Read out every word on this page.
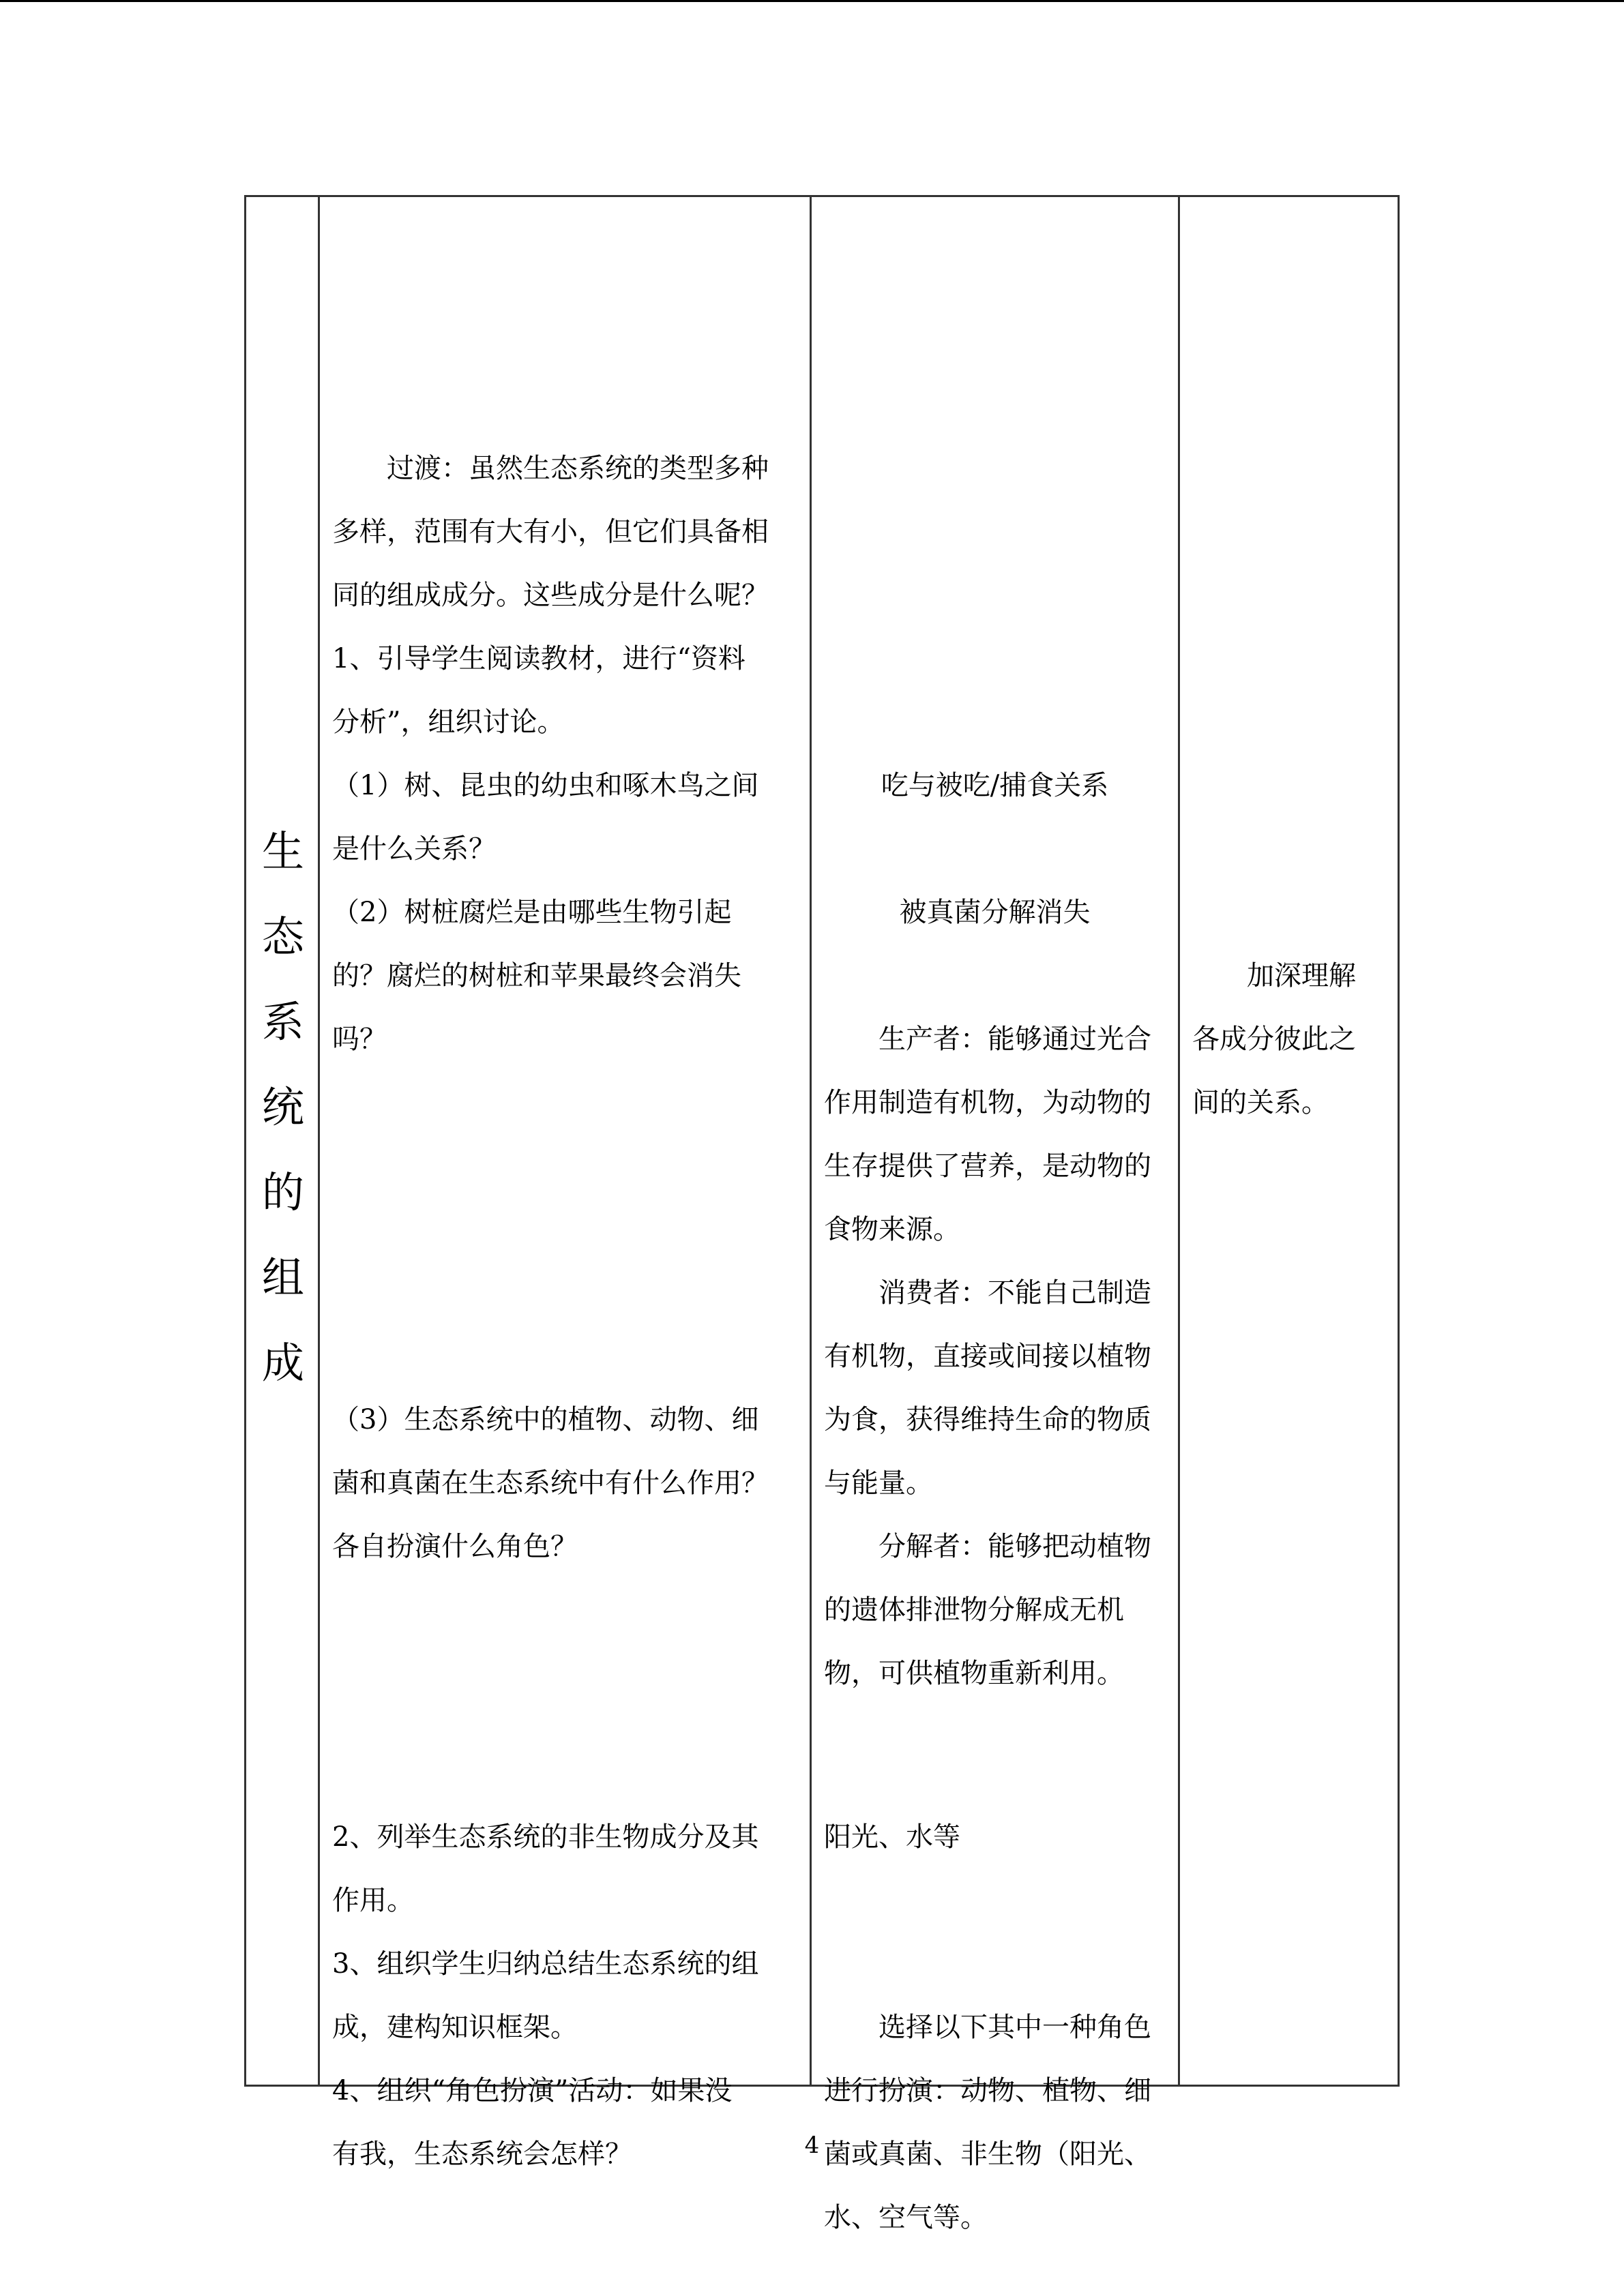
生
态
系
统
的
组
成
　　过渡：虽然生态系统的类型多种
多样，范围有大有小，但它们具备相
同的组成成分。这些成分是什么呢？
1、引导学生阅读教材，进行“资料
分析”，组织讨论。
（1）树、昆虫的幼虫和啄木鸟之间
是什么关系？
（2）树桩腐烂是由哪些生物引起
的？腐烂的树桩和苹果最终会消失
吗？
（3）生态系统中的植物、动物、细
菌和真菌在生态系统中有什么作用？
各自扮演什么角色？
2、列举生态系统的非生物成分及其
作用。
3、组织学生归纳总结生态系统的组
成，建构知识框架。
4、组织“角色扮演”活动：如果没
有我，生态系统会怎样？
吃与被吃/捕食关系
被真菌分解消失
　　生产者：能够通过光合
作用制造有机物，为动物的
生存提供了营养，是动物的
食物来源。
　　消费者：不能自己制造
有机物，直接或间接以植物
为食，获得维持生命的物质
与能量。
　　分解者：能够把动植物
的遗体排泄物分解成无机
物，可供植物重新利用。
阳光、水等
　　选择以下其中一种角色
进行扮演：动物、植物、细
菌或真菌、非生物（阳光、
水、空气等。
　　加深理解
各成分彼此之
间的关系。
4
